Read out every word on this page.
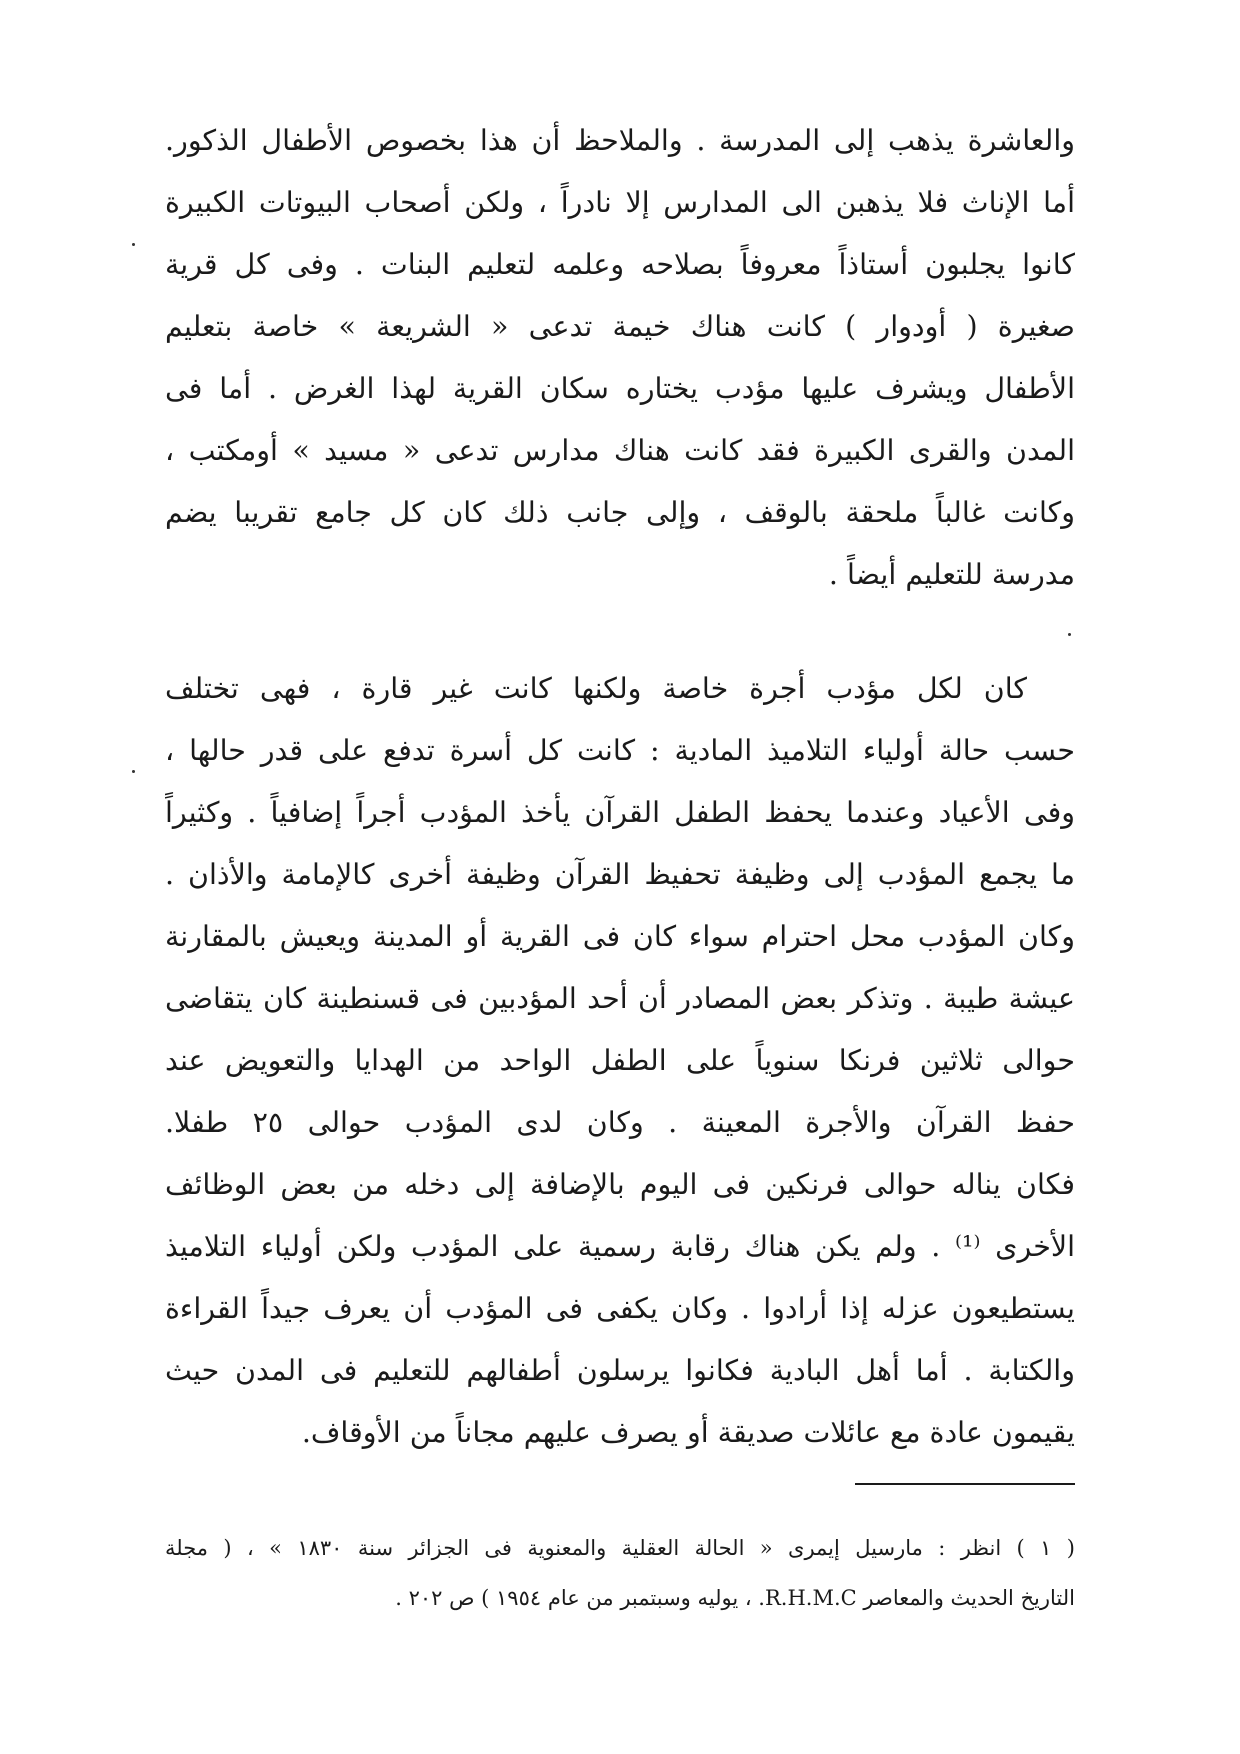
والعاشرة يذهب إلى المدرسة . والملاحظ أن هذا بخصوص الأطفال الذكور.
أما الإناث فلا يذهبن الى المدارس إلا نادراً ، ولكن أصحاب البيوتات الكبيرة
كانوا يجلبون أستاذاً معروفاً بصلاحه وعلمه لتعليم البنات . وفى كل قرية
صغيرة ( أودوار ) كانت هناك خيمة تدعى « الشريعة » خاصة بتعليم
الأطفال ويشرف عليها مؤدب يختاره سكان القرية لهذا الغرض . أما فى
المدن والقرى الكبيرة فقد كانت هناك مدارس تدعى « مسيد » أومكتب ،
وكانت غالباً ملحقة بالوقف ، وإلى جانب ذلك كان كل جامع تقريبا يضم
مدرسة للتعليم أيضاً .
كان لكل مؤدب أجرة خاصة ولكنها كانت غير قارة ، فهى تختلف
حسب حالة أولياء التلاميذ المادية : كانت كل أسرة تدفع على قدر حالها ،
وفى الأعياد وعندما يحفظ الطفل القرآن يأخذ المؤدب أجراً إضافياً . وكثيراً
ما يجمع المؤدب إلى وظيفة تحفيظ القرآن وظيفة أخرى كالإمامة والأذان .
وكان المؤدب محل احترام سواء كان فى القرية أو المدينة ويعيش بالمقارنة
عيشة طيبة . وتذكر بعض المصادر أن أحد المؤدبين فى قسنطينة كان يتقاضى
حوالى ثلاثين فرنكا سنوياً على الطفل الواحد من الهدايا والتعويض عند
حفظ القرآن والأجرة المعينة . وكان لدى المؤدب حوالى ٢٥ طفلا.
فكان يناله حوالى فرنكين فى اليوم بالإضافة إلى دخله من بعض الوظائف
الأخرى ⁽¹⁾ . ولم يكن هناك رقابة رسمية على المؤدب ولكن أولياء التلاميذ
يستطيعون عزله إذا أرادوا . وكان يكفى فى المؤدب أن يعرف جيداً القراءة
والكتابة . أما أهل البادية فكانوا يرسلون أطفالهم للتعليم فى المدن حيث
يقيمون عادة مع عائلات صديقة أو يصرف عليهم مجاناً من الأوقاف.
( ١ ) انظر : مارسيل إيمرى « الحالة العقلية والمعنوية فى الجزائر سنة ١٨٣٠ » ، ( مجلة
التاريخ الحديث والمعاصر R.H.M.C. ، يوليه وسبتمبر من عام ١٩٥٤ ) ص ٢٠٢ .
